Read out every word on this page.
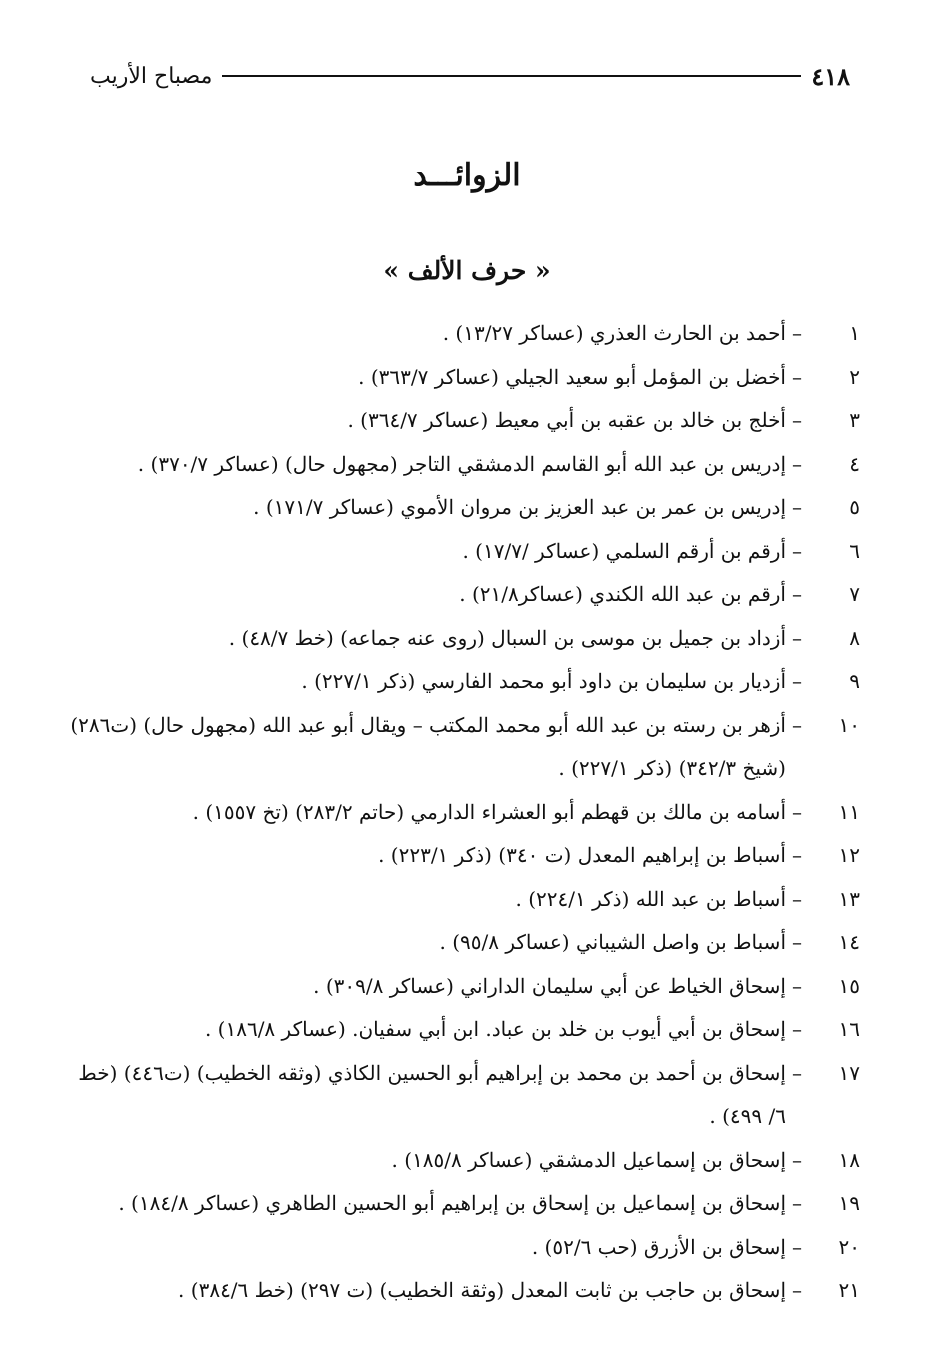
٤١٨
مصباح الأريب
الزوائـــد
« حرف الألف »
١
–
أحمد بن الحارث العذري (عساكر ١٣/٢٧) .
٢
–
أخضل بن المؤمل أبو سعيد الجيلي (عساكر ٣٦٣/٧) .
٣
–
أخلج بن خالد بن عقبه بن أبي معيط (عساكر ٣٦٤/٧) .
٤
–
إدريس بن عبد الله أبو القاسم الدمشقي التاجر (مجهول حال) (عساكر ٣٧٠/٧) .
٥
–
إدريس بن عمر بن عبد العزيز بن مروان الأموي (عساكر ١٧١/٧) .
٦
–
أرقم بن أرقم السلمي (عساكر /١٧/٧) .
٧
–
أرقم بن عبد الله الكندي (عساكر٢١/٨) .
٨
–
أزداد بن جميل بن موسى بن السبال (روى عنه جماعه) (خط ٤٨/٧) .
٩
–
أزديار بن سليمان بن داود أبو محمد الفارسي (ذكر ٢٢٧/١) .
١٠
–
أزهر بن رسته بن عبد الله أبو محمد المكتب – ويقال أبو عبد الله (مجهول حال) (ت٢٨٦) (شيخ ٣٤٢/٣) (ذكر ٢٢٧/١) .
١١
–
أسامه بن مالك بن قهطم أبو العشراء الدارمي (حاتم ٢٨٣/٢) (تخ ١٥٥٧) .
١٢
–
أسباط بن إبراهيم المعدل (ت ٣٤٠) (ذكر ٢٢٣/١) .
١٣
–
أسباط بن عبد الله (ذكر ٢٢٤/١) .
١٤
–
أسباط بن واصل الشيباني (عساكر ٩٥/٨) .
١٥
–
إسحاق الخياط عن أبي سليمان الداراني (عساكر ٣٠٩/٨) .
١٦
–
إسحاق بن أبي أيوب بن خلد بن عباد. ابن أبي سفيان. (عساكر ١٨٦/٨) .
١٧
–
إسحاق بن أحمد بن محمد بن إبراهيم أبو الحسين الكاذي (وثقه الخطيب) (ت٤٤٦) (خط ٦/ ٤٩٩) .
١٨
–
إسحاق بن إسماعيل الدمشقي (عساكر ١٨٥/٨) .
١٩
–
إسحاق بن إسماعيل بن إسحاق بن إبراهيم أبو الحسين الطاهري (عساكر ١٨٤/٨) .
٢٠
–
إسحاق بن الأزرق (حب ٥٢/٦) .
٢١
–
إسحاق بن حاجب بن ثابت المعدل (وثقة الخطيب) (ت ٢٩٧) (خط ٣٨٤/٦) .
